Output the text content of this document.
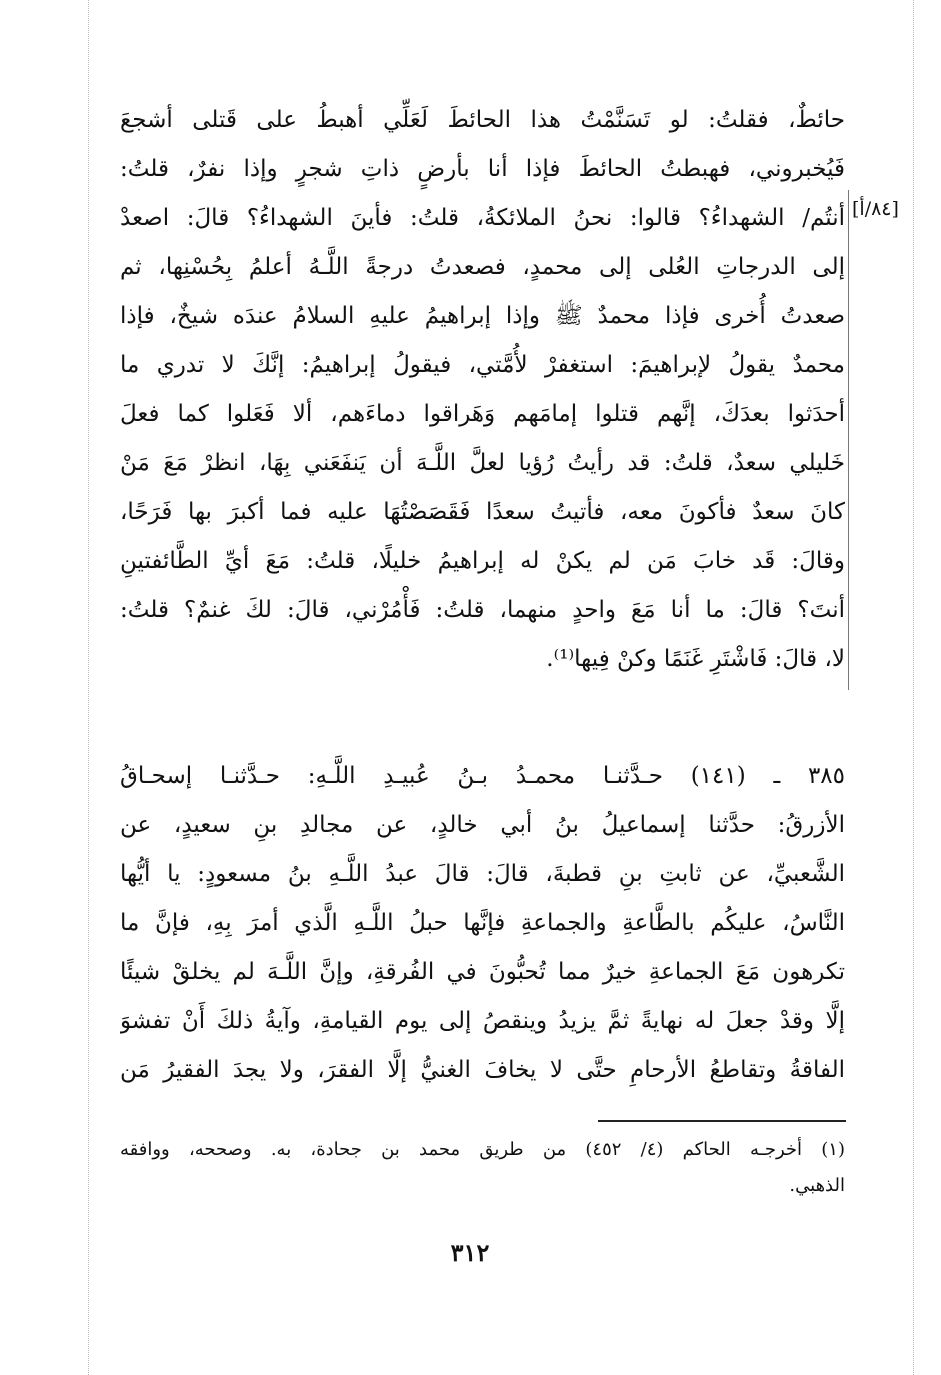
حائطٌ، فقلتُ: لو تَسَنَّمْتُ هذا الحائطَ لَعَلِّي أهبطُ على قَتلى أشجعَ
فَيُخبروني، فهبطتُ الحائطَ فإذا أنا بأرضٍ ذاتِ شجرٍ وإذا نفرٌ، قلتُ:
أنتُم/ الشهداءُ؟ قالوا: نحنُ الملائكةُ، قلتُ: فأينَ الشهداءُ؟ قالَ: اصعدْ
إلى الدرجاتِ العُلى إلى محمدٍ، فصعدتُ درجةً اللَّـهُ أعلمُ بِحُسْنِها، ثم
صعدتُ أُخرى فإذا محمدٌ ﷺ وإذا إبراهيمُ عليهِ السلامُ عندَه شيخٌ، فإذا
محمدٌ يقولُ لإبراهيمَ: استغفرْ لأُمَّتي، فيقولُ إبراهيمُ: إنَّكَ لا تدري ما
أحدَثوا بعدَكَ، إنَّهم قتلوا إمامَهم وَهَراقوا دماءَهم، ألا فَعَلوا كما فعلَ
خَليلي سعدٌ، قلتُ: قد رأيتُ رُؤيا لعلَّ اللَّـهَ أن يَنفَعَني بِهَا، انظرْ مَعَ مَنْ
كانَ سعدٌ فأكونَ معه، فأتيتُ سعدًا فَقَصَصْتُهَا عليه فما أكبرَ بها فَرَحًا،
وقالَ: قَد خابَ مَن لم يكنْ له إبراهيمُ خليلًا، قلتُ: مَعَ أيِّ الطَّائفتينِ
أنتَ؟ قالَ: ما أنا مَعَ واحدٍ منهما، قلتُ: فَأْمُرْني، قالَ: لكَ غنمٌ؟ قلتُ:
لا، قالَ: فَاشْتَرِ غَنَمًا وكنْ فِيها⁽¹⁾.
[٨٤/أ]
٣٨٥ ـ (١٤١) حـدَّثنـا محمـدُ بـنُ عُبيـدِ اللَّـهِ: حـدَّثنـا إسحـاقُ
الأزرقُ: حدَّثنا إسماعيلُ بنُ أبي خالدٍ، عن مجالدِ بنِ سعيدٍ، عن
الشَّعبيِّ، عن ثابتِ بنِ قطبةَ، قالَ: قالَ عبدُ اللَّـهِ بنُ مسعودٍ: يا أيُّها
النَّاسُ، عليكُم بالطَّاعةِ والجماعةِ فإنَّها حبلُ اللَّـهِ الَّذي أمرَ بِهِ، فإنَّ ما
تكرهون مَعَ الجماعةِ خيرٌ مما تُحبُّونَ في الفُرقةِ، وإنَّ اللَّـهَ لم يخلقْ شيئًا
إلَّا وقدْ جعلَ له نهايةً ثمَّ يزيدُ وينقصُ إلى يوم القيامةِ، وآيةُ ذلكَ أَنْ تفشوَ
الفاقةُ وتقاطعُ الأرحامِ حتَّى لا يخافَ الغنيُّ إلَّا الفقرَ، ولا يجدَ الفقيرُ مَن
(١) أخرجـه الحاكم (٤/ ٤٥٢) من طريق محمد بن جحادة، به. وصححه، ووافقه
الذهبي.
٣١٢
